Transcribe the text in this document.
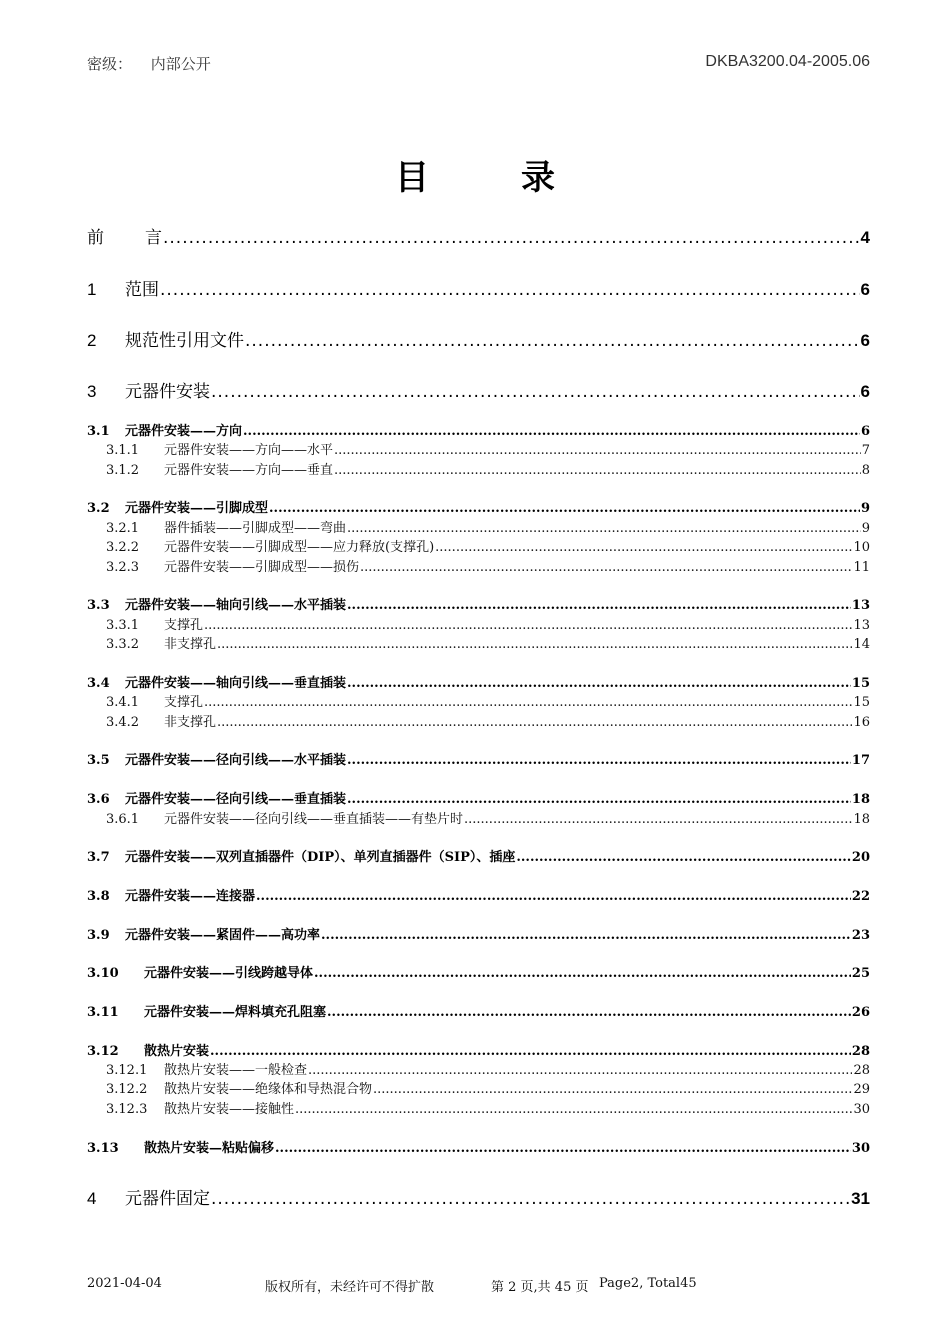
密级： 内部公开	DKBA3200.04-2005.06
目	录
前	言 .....	4
1	范围 .....	6
2	规范性引用文件 .....	6
3	元器件安装 .....	6
3.1	元器件安装——方向 .....	6
3.1.1	元器件安装——方向——水平 .....	7
3.1.2	元器件安装——方向——垂直 .....	8
3.2	元器件安装——引脚成型 .....	9
3.2.1	器件插装——引脚成型——弯曲 .....	9
3.2.2	元器件安装——引脚成型——应力释放(支撑孔) .....	10
3.2.3	元器件安装——引脚成型——损伤 .....	11
3.3	元器件安装——轴向引线——水平插装 .....	13
3.3.1	支撑孔 .....	13
3.3.2	非支撑孔 .....	14
3.4	元器件安装——轴向引线——垂直插装 .....	15
3.4.1	支撑孔 .....	15
3.4.2	非支撑孔 .....	16
3.5	元器件安装——径向引线——水平插装 .....	17
3.6	元器件安装——径向引线——垂直插装 .....	18
3.6.1	元器件安装——径向引线——垂直插装——有垫片时 .....	18
3.7	元器件安装——双列直插器件（DIP）、单列直插器件（SIP）、插座 .....	20
3.8	元器件安装——连接器 .....	22
3.9	元器件安装——紧固件——高功率 .....	23
3.10	元器件安装——引线跨越导体 .....	25
3.11	元器件安装——焊料填充孔阻塞 .....	26
3.12	散热片安装 .....	28
3.12.1	散热片安装——一般检查 .....	28
3.12.2	散热片安装——绝缘体和导热混合物 .....	29
3.12.3	散热片安装——接触性 .....	30
3.13	散热片安装—粘贴偏移 .....	30
4	元器件固定 .....	31
2021-04-04	版权所有，未经许可不得扩散	第 2 页,共 45 页 Page2, Total45
